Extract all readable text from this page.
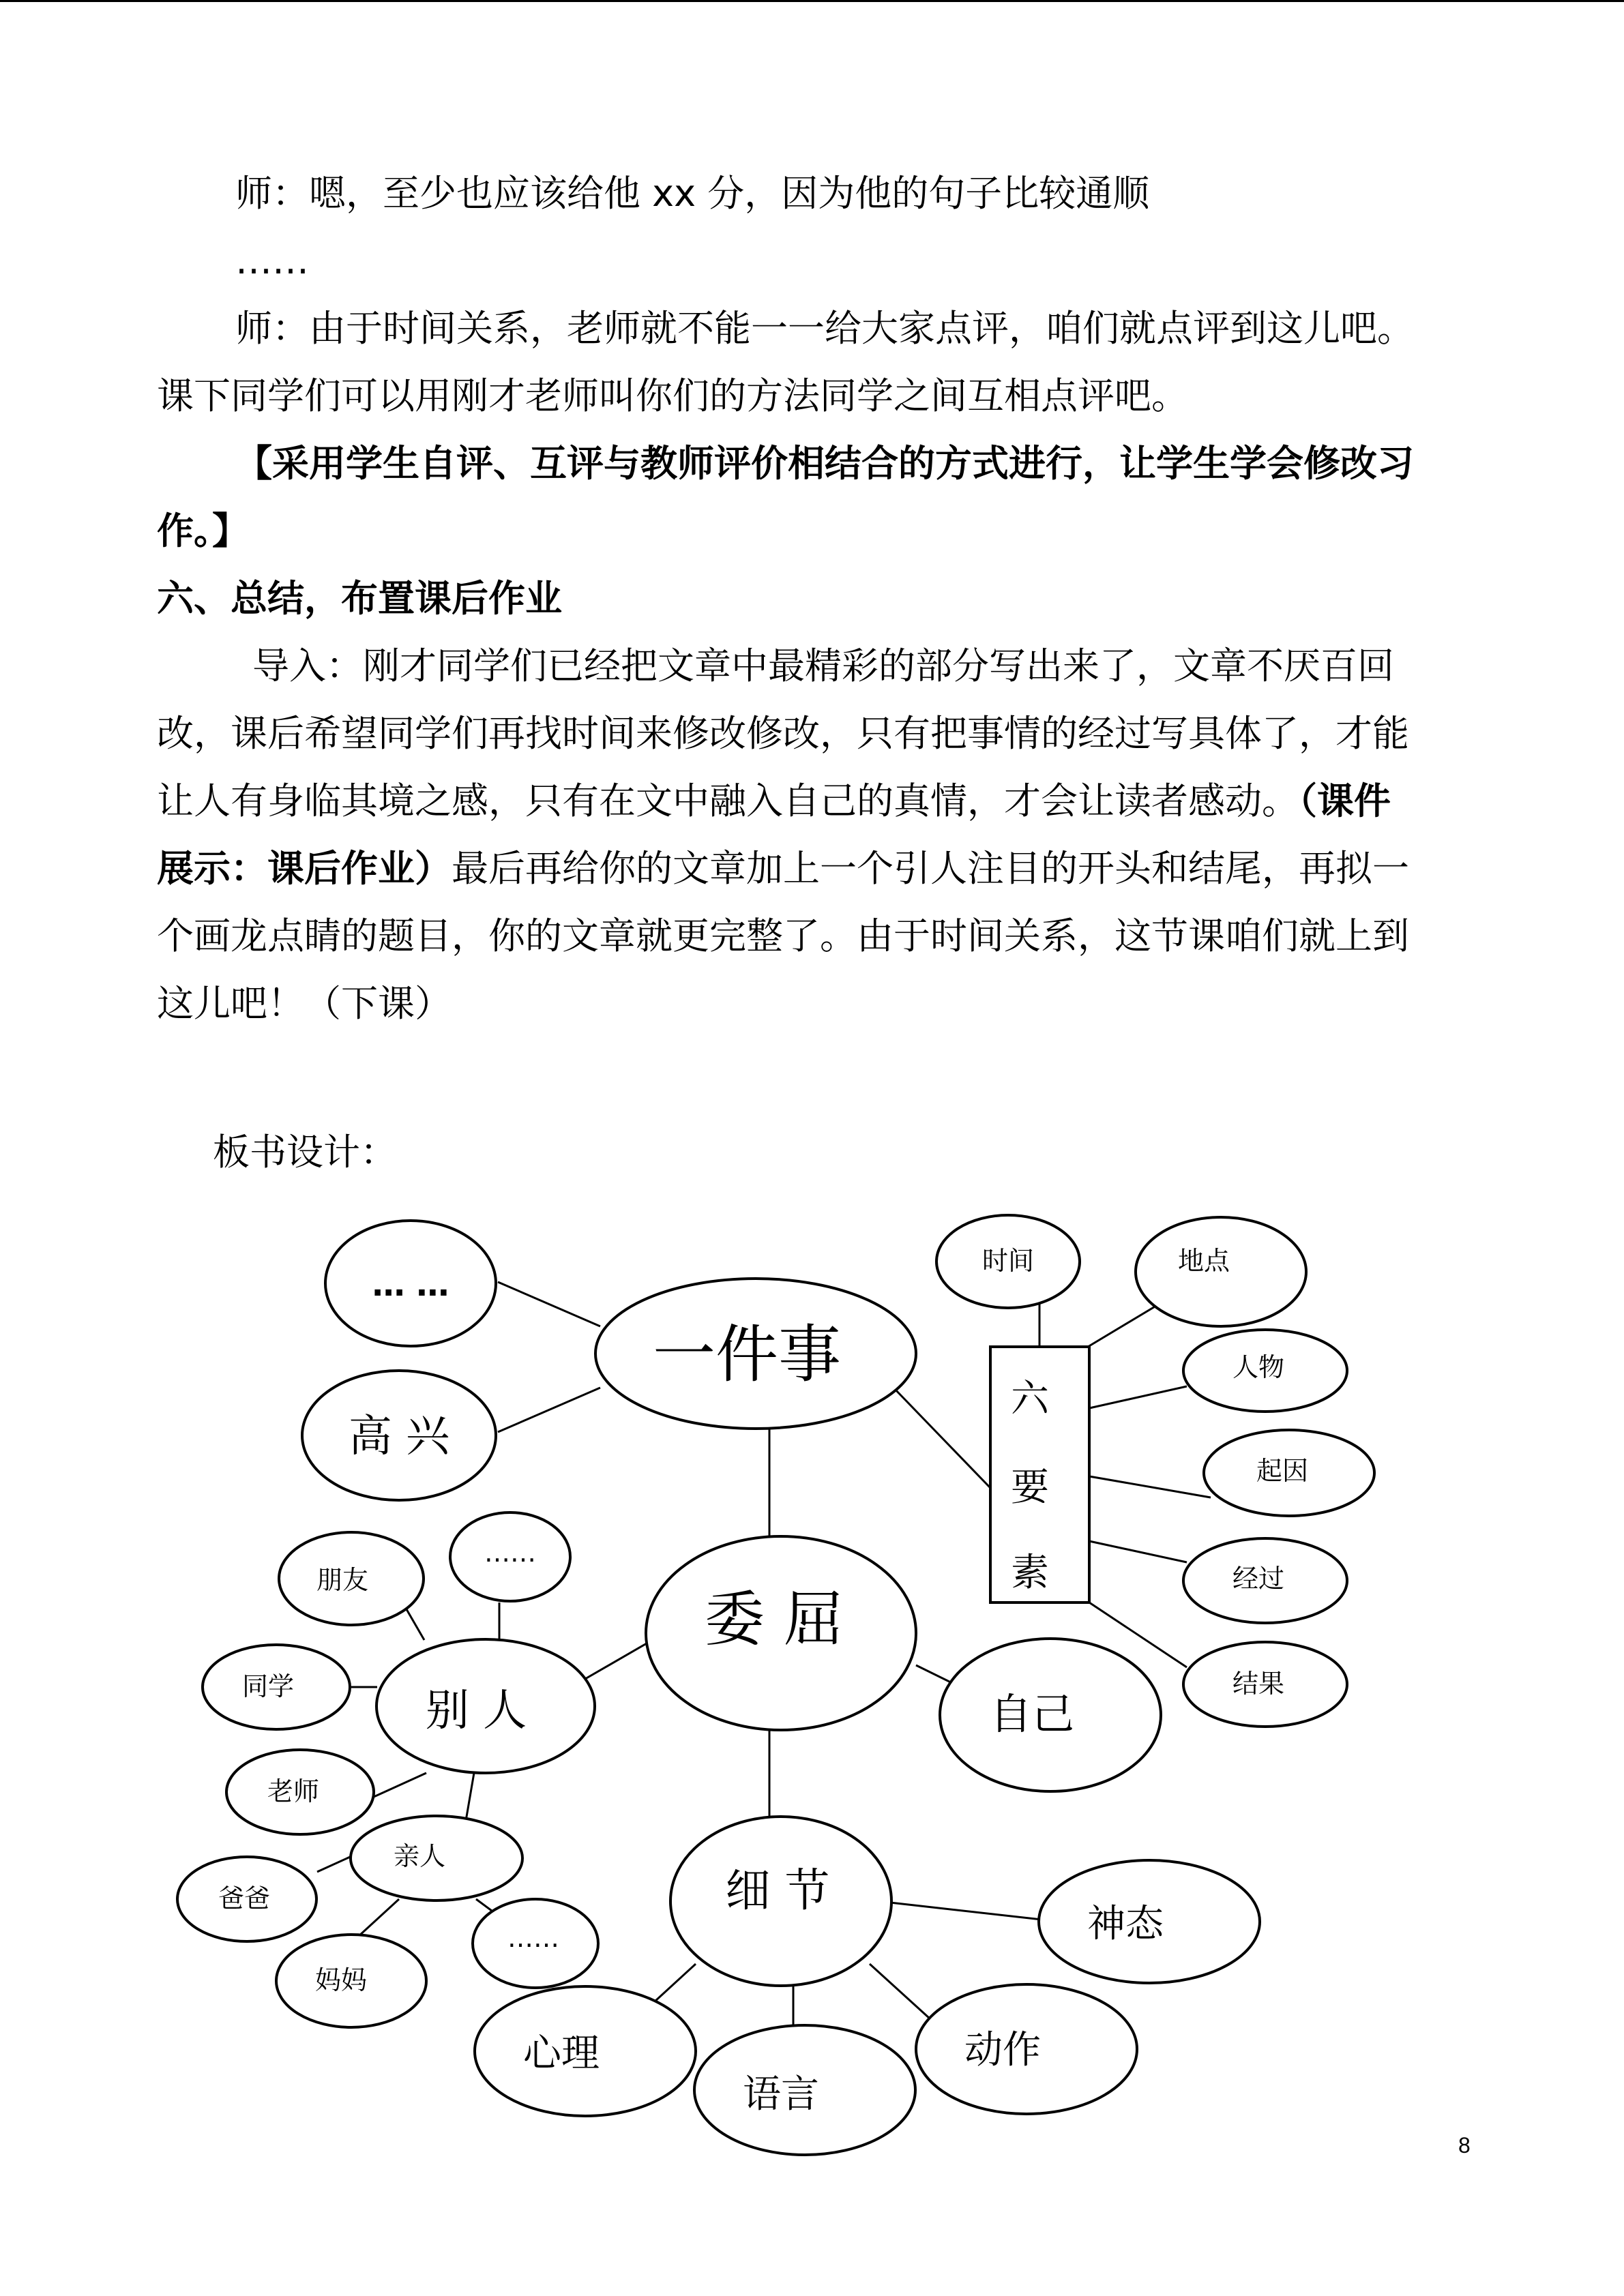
师：嗯，至少也应该给他 xx 分，因为他的句子比较通顺

……

师：由于时间关系，老师就不能一一给大家点评，咱们就点评到这儿吧。

课下同学们可以用刚才老师叫你们的方法同学之间互相点评吧。

【采用学生自评、互评与教师评价相结合的方式进行，让学生学会修改习

作。】

六、总结，布置课后作业

导入：刚才同学们已经把文章中最精彩的部分写出来了，文章不厌百回

改，课后希望同学们再找时间来修改修改，只有把事情的经过写具体了，才能

让人有身临其境之感，只有在文中融入自己的真情，才会让读者感动。（课件

展示：课后作业）最后再给你的文章加上一个引人注目的开头和结尾，再拟一

个画龙点睛的题目，你的文章就更完整了。由于时间关系，这节课咱们就上到

这儿吧！（下课）

板书设计：

… …
高 兴
一件事
六
要
素
时间	地点
人物
起因
经过
结果
委 屈
自己
别 人
朋友
……
同学
老师
亲人
爸爸
妈妈
……
细 节
神态
动作
语言
心理
8
